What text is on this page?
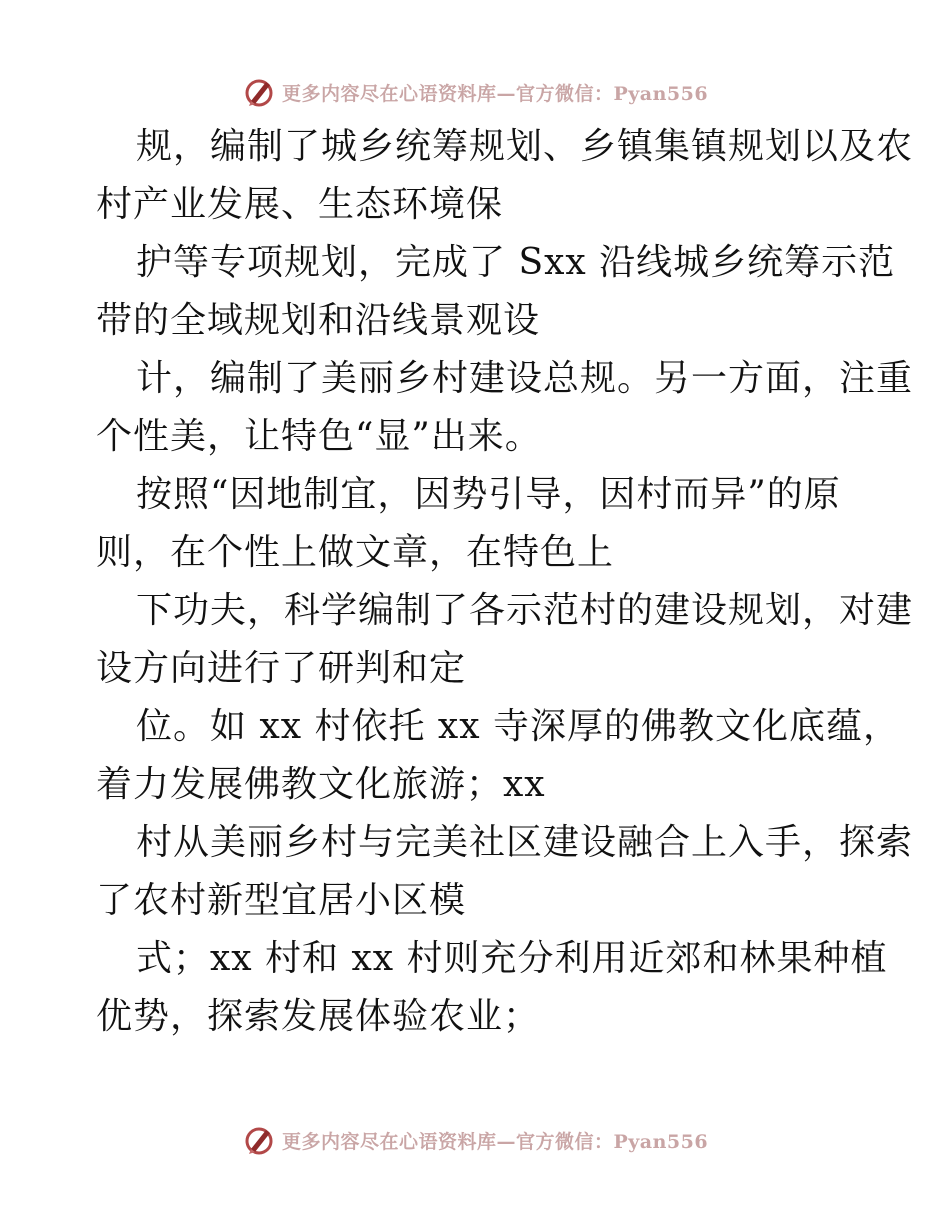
更多内容尽在心语资料库—官方微信：Pyan556
规，编制了城乡统筹规划、乡镇集镇规划以及农
村产业发展、生态环境保
护等专项规划，完成了 Sxx 沿线城乡统筹示范
带的全域规划和沿线景观设
计，编制了美丽乡村建设总规。另一方面，注重
个性美，让特色“显”出来。
按照“因地制宜，因势引导，因村而异”的原
则，在个性上做文章，在特色上
下功夫，科学编制了各示范村的建设规划，对建
设方向进行了研判和定
位。如 xx 村依托 xx 寺深厚的佛教文化底蕴，
着力发展佛教文化旅游；xx
村从美丽乡村与完美社区建设融合上入手，探索
了农村新型宜居小区模
式；xx 村和 xx 村则充分利用近郊和林果种植
优势，探索发展体验农业；
更多内容尽在心语资料库—官方微信：Pyan556
